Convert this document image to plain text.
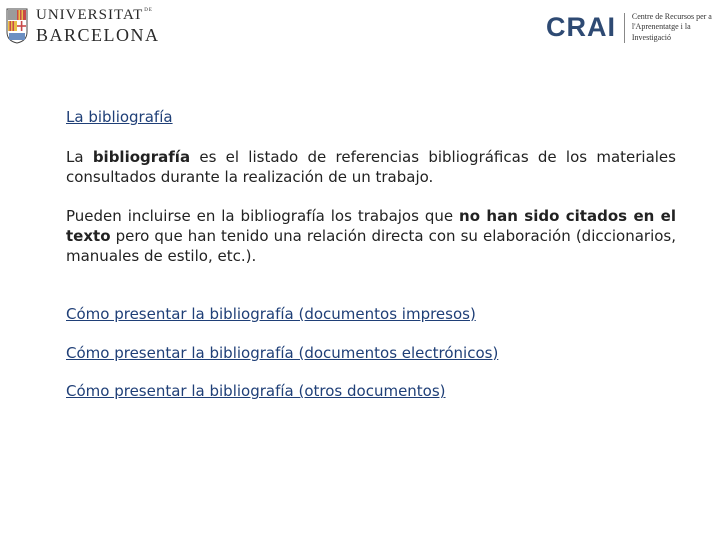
$UNIVERSITAT^{DE}$
BARCELONA	CRAI Centre de Recursos per a
l'Aprenentatge i la Investigació
La bibliografía

La bibliografía es el listado de referencias bibliográficas de los materiales consultados durante la realización de un trabajo.

Pueden incluirse en la bibliografía los trabajos que no han sido citados en el texto pero que han tenido una relación directa con su elaboración (diccionarios, manuales de estilo, etc.).

Cómo presentar la bibliografía (documentos impresos)
Cómo presentar la bibliografía (documentos electrónicos)
Cómo presentar la bibliografía (otros documentos)
